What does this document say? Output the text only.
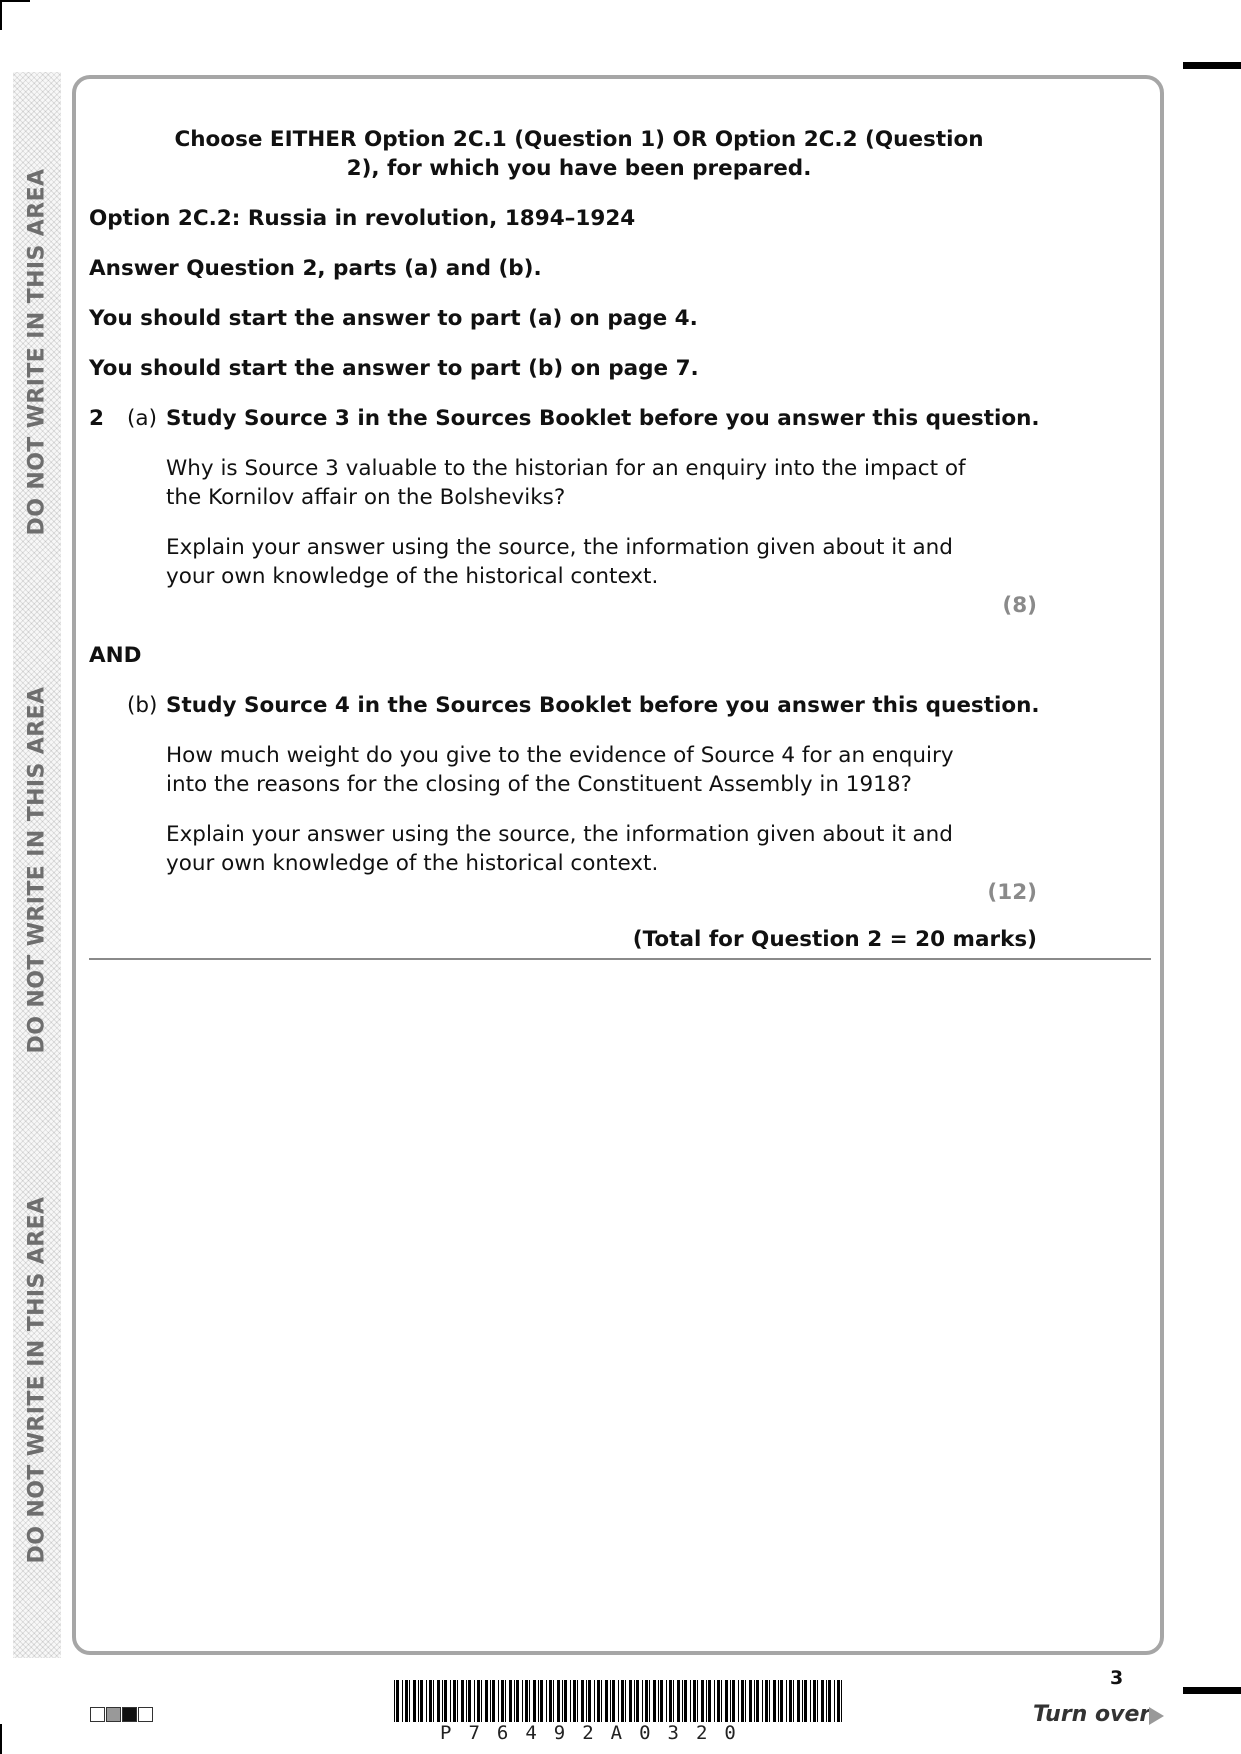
DO NOT WRITE IN THIS AREA
DO NOT WRITE IN THIS AREA
DO NOT WRITE IN THIS AREA
Choose EITHER Option 2C.1 (Question 1) OR Option 2C.2 (Question 2), for which you have been prepared.
Option 2C.2: Russia in revolution, 1894–1924
Answer Question 2, parts (a) and (b).
You should start the answer to part (a) on page 4.
You should start the answer to part (b) on page 7.
2 (a) Study Source 3 in the Sources Booklet before you answer this question.
Why is Source 3 valuable to the historian for an enquiry into the impact of the Kornilov affair on the Bolsheviks?
Explain your answer using the source, the information given about it and your own knowledge of the historical context.
(8)
AND
(b) Study Source 4 in the Sources Booklet before you answer this question.
How much weight do you give to the evidence of Source 4 for an enquiry into the reasons for the closing of the Constituent Assembly in 1918?
Explain your answer using the source, the information given about it and your own knowledge of the historical context.
(12)
(Total for Question 2 = 20 marks)
P76492A0320
3
Turn over
